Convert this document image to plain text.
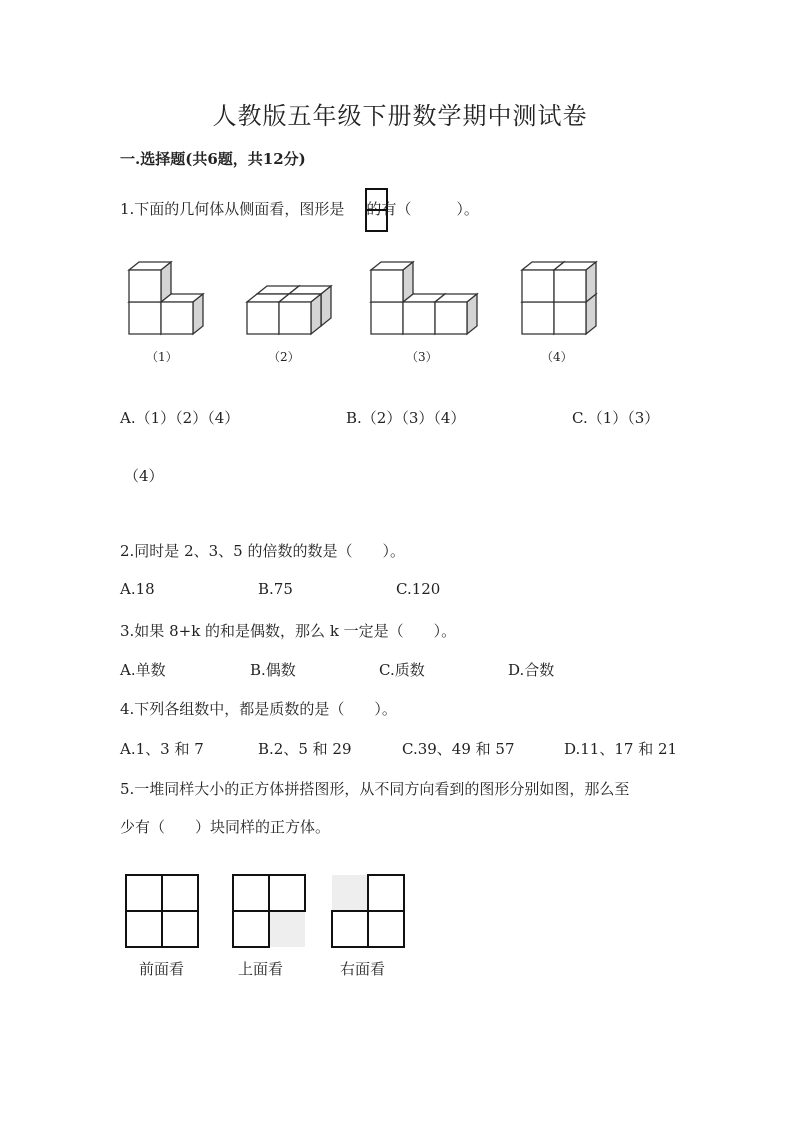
人教版五年级下册数学期中测试卷
一.选择题(共6题，共12分)
1.下面的几何体从侧面看，图形是 的有（　　　）。
（1）	（2）	（3）	（4）
A.（1）（2）（4）	B.（2）（3）（4）	C.（1）（3）
（4）
2.同时是 2、3、5 的倍数的数是（　　）。
A.18	B.75	C.120
3.如果 8+k 的和是偶数，那么 k 一定是（　　）。
A.单数	B.偶数	C.质数	D.合数
4.下列各组数中，都是质数的是（　　）。
A.1、3 和 7	B.2、5 和 29	C.39、49 和 57	D.11、17 和 21
5.一堆同样大小的正方体拼搭图形，从不同方向看到的图形分别如图，那么至
少有（　　）块同样的正方体。
前面看	上面看	右面看
